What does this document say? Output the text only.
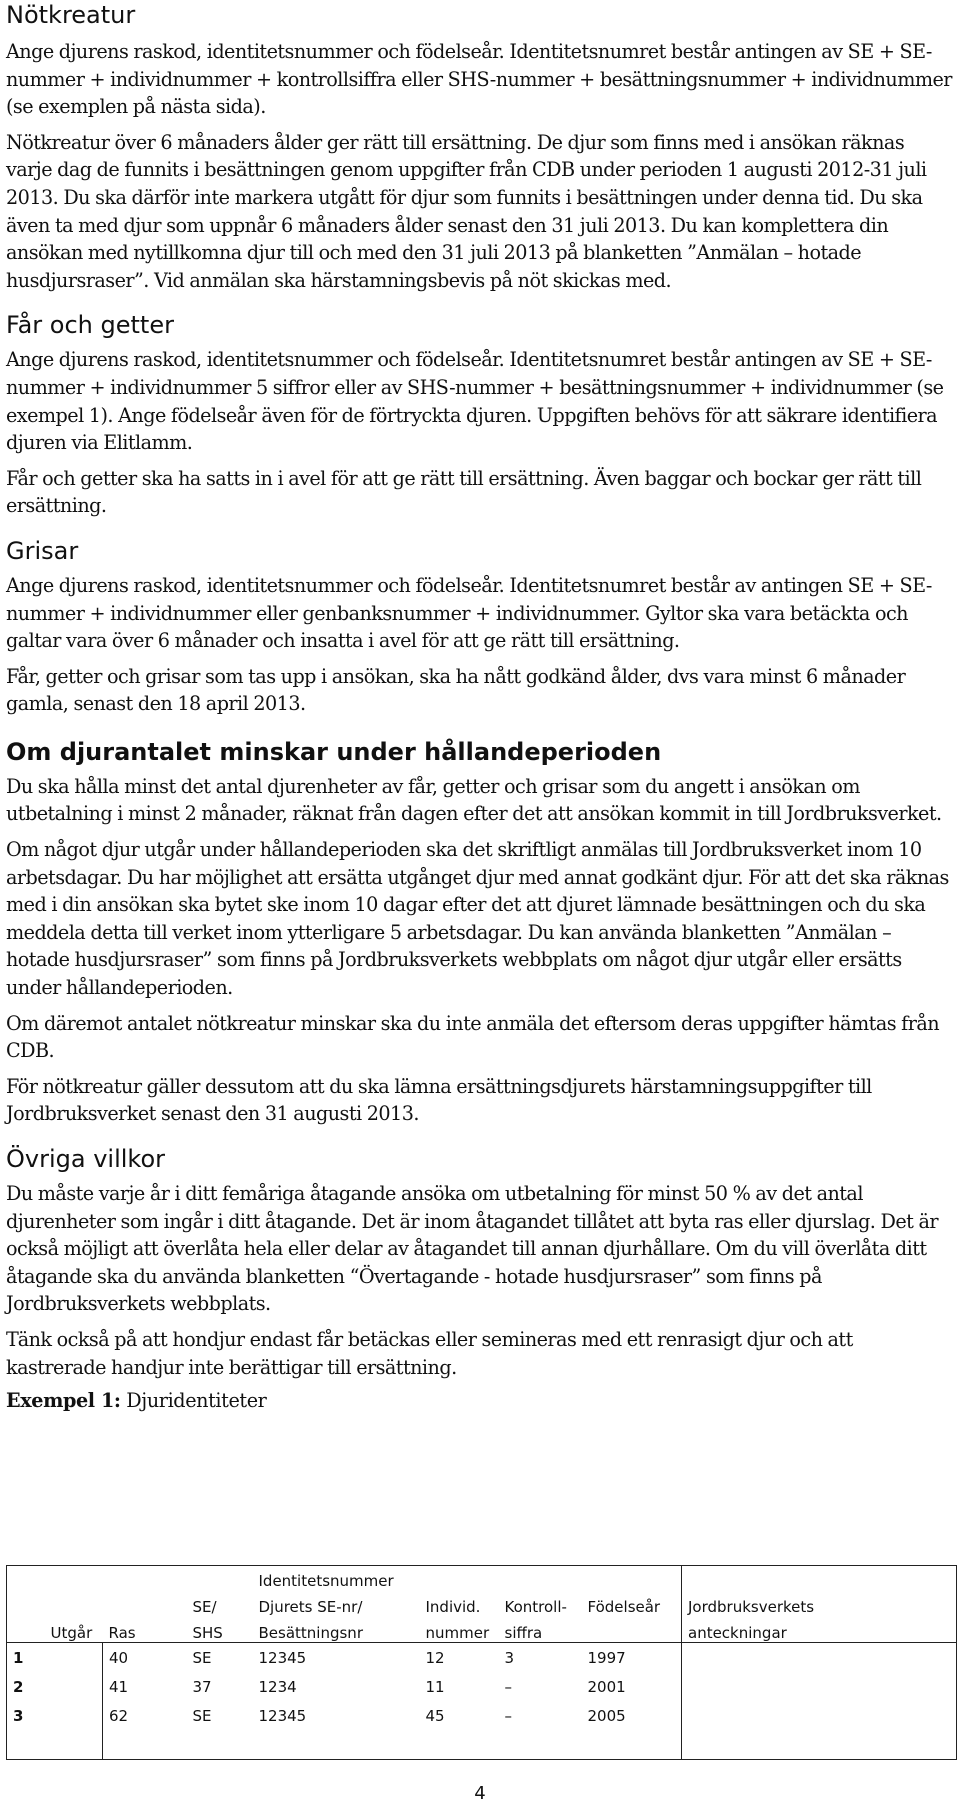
Nötkreatur

Ange djurens raskod, identitetsnummer och födelseår. Identitetsnumret består antingen av SE + SE-nummer + individnummer + kontrollsiffra eller SHS-nummer + besättningsnummer + individnummer (se exemplen på nästa sida).

Nötkreatur över 6 månaders ålder ger rätt till ersättning. De djur som finns med i ansökan räknas varje dag de funnits i besättningen genom uppgifter från CDB under perioden 1 augusti 2012-31 juli 2013. Du ska därför inte markera utgått för djur som funnits i besättningen under denna tid. Du ska även ta med djur som uppnår 6 månaders ålder senast den 31 juli 2013. Du kan komplettera din ansökan med nytillkomna djur till och med den 31 juli 2013 på blanketten ”Anmälan – hotade husdjursraser”. Vid anmälan ska härstamningsbevis på nöt skickas med.

Får och getter

Ange djurens raskod, identitetsnummer och födelseår. Identitetsnumret består antingen av SE + SE-nummer + individnummer 5 siffror eller av SHS-nummer + besättningsnummer + individnummer (se exempel 1). Ange födelseår även för de förtryckta djuren. Uppgiften behövs för att säkrare identifiera djuren via Elitlamm.

Får och getter ska ha satts in i avel för att ge rätt till ersättning. Även baggar och bockar ger rätt till ersättning.

Grisar

Ange djurens raskod, identitetsnummer och födelseår. Identitetsnumret består av antingen SE + SE-nummer + individnummer eller genbanksnummer + individnummer. Gyltor ska vara betäckta och galtar vara över 6 månader och insatta i avel för att ge rätt till ersättning.

Får, getter och grisar som tas upp i ansökan, ska ha nått godkänd ålder, dvs vara minst 6 månader gamla, senast den 18 april 2013.

Om djurantalet minskar under hållandeperioden

Du ska hålla minst det antal djurenheter av får, getter och grisar som du angett i ansökan om utbetalning i minst 2 månader, räknat från dagen efter det att ansökan kommit in till Jordbruksverket.

Om något djur utgår under hållandeperioden ska det skriftligt anmälas till Jordbruksverket inom 10 arbetsdagar. Du har möjlighet att ersätta utgånget djur med annat godkänt djur. För att det ska räknas med i din ansökan ska bytet ske inom 10 dagar efter det att djuret lämnade besättningen och du ska meddela detta till verket inom ytterligare 5 arbetsdagar. Du kan använda blanketten ”Anmälan – hotade husdjursraser” som finns på Jordbruksverkets webbplats om något djur utgår eller ersätts under hållandeperioden.

Om däremot antalet nötkreatur minskar ska du inte anmäla det eftersom deras uppgifter hämtas från CDB.

För nötkreatur gäller dessutom att du ska lämna ersättningsdjurets härstamningsuppgifter till Jordbruksverket senast den 31 augusti 2013.

Övriga villkor

Du måste varje år i ditt femåriga åtagande ansöka om utbetalning för minst 50 % av det antal djurenheter som ingår i ditt åtagande. Det är inom åtagandet tillåtet att byta ras eller djurslag. Det är också möjligt att överlåta hela eller delar av åtagandet till annan djurhållare. Om du vill överlåta ditt åtagande ska du använda blanketten “Övertagande - hotade husdjursraser” som finns på Jordbruksverkets webbplats.

Tänk också på att hondjur endast får betäckas eller semineras med ett renrasigt djur och att kastrerade handjur inte berättigar till ersättning.

Exempel 1: Djuridentiteter
				Identitetsnummer				
			SE/	Djurets SE-nr/	Individ.	Kontroll-	Födelseår	Jordbruksverkets
	Utgår	Ras	SHS	Besättningsnr	nummer	siffra		anteckningar
1		40	SE	12345	12	3	1997	
2		41	37	1234	11	–	2001	
3		62	SE	12345	45	–	2005	

4
